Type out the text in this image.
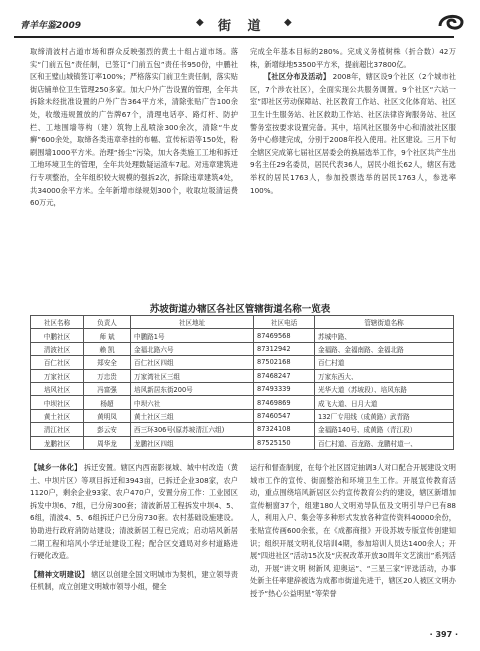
青羊年鉴2009	◆ 街 道 ◆

取缔清波村占道市场和群众反映强烈的黄土十组占道市场。落实“门前五包”责任制，已签订“门前五包”责任书950份，中鹏社区和王璧山城镇签订率100%；严格落实门前卫生责任制，落实贴街店铺单位卫生管理250多家。加大户外广告设置的管理，全年共拆除未经批准设置的户外广告364平方米，清除张贴广告100余处，收缴违规置放的广告牌67个，清理电话亭、路灯杆、防护栏、工地围墙等构（建）筑物上乱喷涂300余次，清除“牛皮癣”600余处，取缔各类违章牵挂的布幅、宣传标语等150处，粉刷围墙1000平方米。治理“扬尘”污染，加大各类施工工地和拆迁工地环境卫生的管理，全年共处理数疑运渣车7起。对违章建筑进行专项整治，全年组织较大规模的强拆2次，拆除违章建筑4处，共34000余平方米。全年新增市绿规划300个，收取垃圾清运费60万元，

完成全年基本目标的280%。完成义务植树株（折合数）42万株，新增绿地53500平方米，提前超比37800亿。

【社区分布及活动】 2008年，辖区设9个社区（2个城市社区，7个涉农社区），全面实现公共服务调置。9个社区“六站一室”即社区劳动保障站、社区教育工作站、社区文化体育站、社区卫生计生服务站、社区救助工作站、社区法律咨询服务站、社区警务室按要求设置完备。其中，培风社区服务中心和清波社区服务中心修建完成，分别于2008年投入使用。社区建设。三月下旬全辖区完成第七届社区居委会的换届选举工作，9个社区共产生出9名主任29名委员，居民代表36人，居民小组长62人，辖区有选举权的居民1763人，参加投票选举的居民1763人，参选率100%。

苏坡街道办辖区各社区管辖街道名称一览表
社区名称	负责人	社区地址	社区电话	管辖街道名称
中鹏社区	师 斌	中鹏路1号	87469568	苏城中路、
清波社区	赖 凯	金福北路六号	87312942	金福路、金福南路、金福北路
百仁社区	郑安全	百仁社区四组	87502168	百仁村道
万家社区	万忠贵	万家湾社区三组	87468247	万家东西大、
培风社区	冯富强	培风新居东街200号	87493339	光华大道（苏坡段）、培风东路
中坝社区	杨超	中坝六社	87469869	成飞大道、日月大道
黄土社区	黄明凤	黄土社区三组	87460547	132厂专用线（成黄路）武青路
清江社区	彭云安	西三环306号(原苏坡清江六组)	87324108	金福路140号、成黄路（青江段）
龙鹏社区	周华龙	龙鹏社区四组	87525150	百仁村道、百龙路、龙鹏村道一、

【城乡一体化】 拆迁安置。辖区内西南影视城、城中村改造（黄土、中坝片区）等项目拆迁和3943亩，已拆迁企业308家，农户1120户，剩余企业93家、农户470户，安置分房工作：工业园区拆发中坝6、7组，已分房300套；清波新居工程拆发中坝4、5、6组，清波4、5、6组拆迁户已分房730套。农村基础设施建设。协助进行政府消防站建设；清波新居工程已完成；启动培风新居二期工程和培风小学迁址建设工程；配合区交通局对乡村道路进行硬化改造。

【精神文明建设】 辖区以创建全国文明城市为契机，建立领导责任机制，成立创建文明城市领导小组，健全

运行和督查制度，在每个社区固定抽调3人对口配合开展建设文明城市工作的宣传、街面整治和环境卫生工作。开展宣传教育活动，重点围绕培风新居区公约宣传教育公约的建设，辖区新增加宣传橱窗37个，组建180人文明劝导队伍及文明引导户已有88人，利用入户、集会等多种形式发放各种宣传资料40000余份，张贴宣传画600余张，在《成都商报》开设苏坡专版宣传创建知识；组织开展文明礼仪培训4期，参加培训人员达1400余人；开展“四进社区”活动15次及“庆祝改革开放30周年文艺演出”系列活动，开展“讲文明 树新风 迎奥运”、“三星三家”评选活动，办事处新主任率建辞被选为成都市街道先进干，辖区20人被区文明办授予“热心公益明星”等荣誉

· 397 ·
